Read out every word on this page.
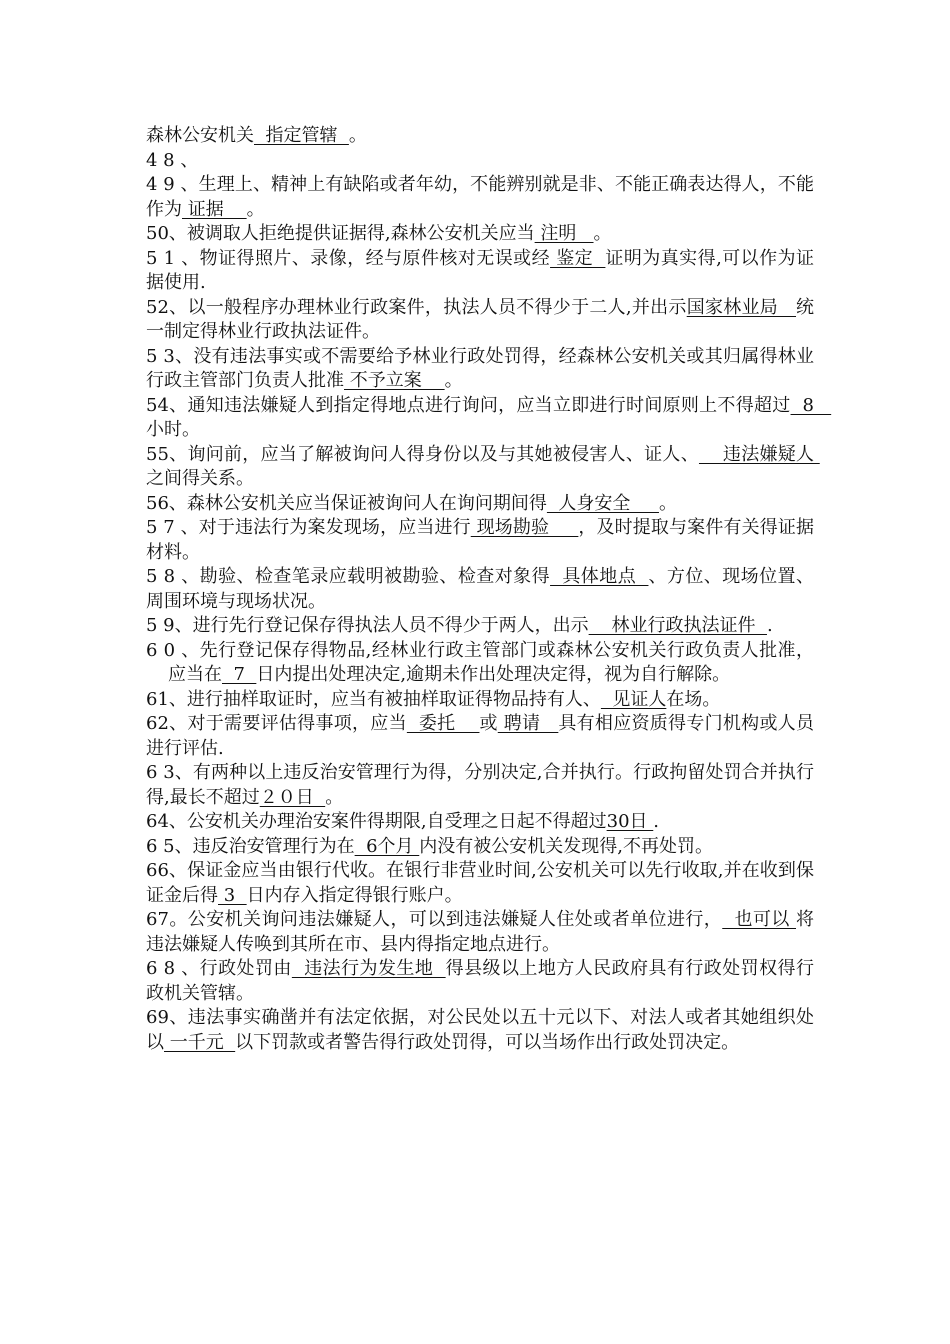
森林公安机关  指定管辖  。

4 8 、

4 9 、生理上、精神上有缺陷或者年幼，不能辨别就是非、不能正确表达得人，不能作为 证据    。

50、被调取人拒绝提供证据得,森林公安机关应当 注明   。

5 1 、物证得照片、录像，经与原件核对无误或经 鉴定  证明为真实得,可以作为证据使用.

52、以一般程序办理林业行政案件，执法人员不得少于二人,并出示国家林业局   统一制定得林业行政执法证件。

5 3、没有违法事实或不需要给予林业行政处罚得，经森林公安机关或其归属得林业行政主管部门负责人批准 不予立案    。

54、通知违法嫌疑人到指定得地点进行询问，应当立即进行时间原则上不得超过  8   小时。

55、询问前，应当了解被询问人得身份以及与其她被侵害人、证人、    违法嫌疑人 之间得关系。

56、森林公安机关应当保证被询问人在询问期间得  人身安全     。

5 7 、对于违法行为案发现场，应当进行 现场勘验     ，及时提取与案件有关得证据材料。

5 8 、勘验、检查笔录应载明被勘验、检查对象得  具体地点  、方位、现场位置、周围环境与现场状况。

5 9、进行先行登记保存得执法人员不得少于两人，出示    林业行政执法证件  .

6 0 、先行登记保存得物品,经林业行政主管部门或森林公安机关行政负责人批准，应当在  7  日内提出处理决定,逾期未作出处理决定得，视为自行解除。

61、进行抽样取证时，应当有被抽样取证得物品持有人、  见证人在场。

62、对于需要评估得事项，应当  委托    或 聘请   具有相应资质得专门机构或人员进行评估.

6 3、有两种以上违反治安管理行为得，分别决定,合并执行。行政拘留处罚合并执行得,最长不超过２０日  。

64、公安机关办理治安案件得期限,自受理之日起不得超过30日 .

6 5、违反治安管理行为在  6个月 内没有被公安机关发现得,不再处罚。

66、保证金应当由银行代收。在银行非营业时间,公安机关可以先行收取,并在收到保证金后得 3  日内存入指定得银行账户。

67。公安机关询问违法嫌疑人，可以到违法嫌疑人住处或者单位进行，  也可以 将违法嫌疑人传唤到其所在市、县内得指定地点进行。

6 8 、行政处罚由  违法行为发生地  得县级以上地方人民政府具有行政处罚权得行政机关管辖。

69、违法事实确凿并有法定依据，对公民处以五十元以下、对法人或者其她组织处以 一千元  以下罚款或者警告得行政处罚得，可以当场作出行政处罚决定。
